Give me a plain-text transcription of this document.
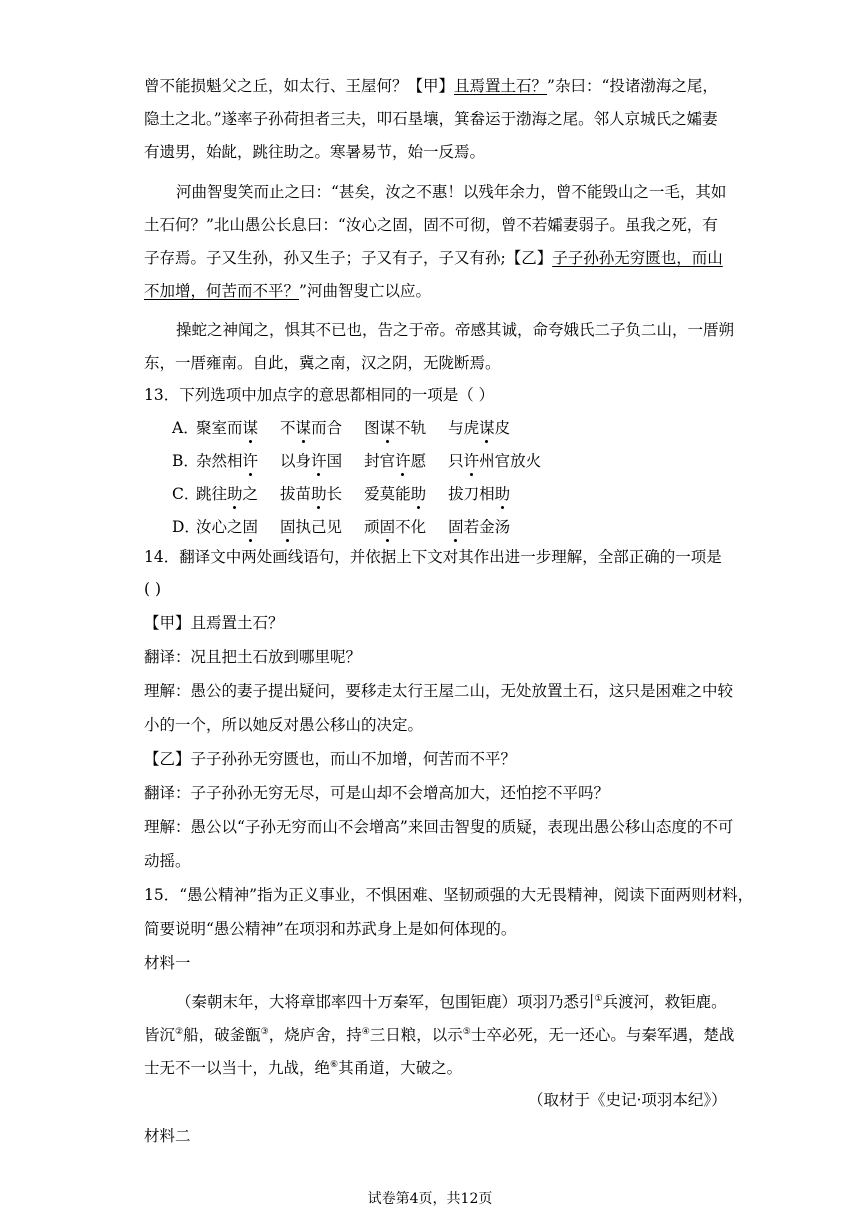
曾不能损魁父之丘，如太行、王屋何？【甲】且焉置土石？”杂曰：“投诸渤海之尾，
隐土之北。”遂率子孙荷担者三夫，叩石垦壤，箕畚运于渤海之尾。邻人京城氏之孀妻
有遗男，始龀，跳往助之。寒暑易节，始一反焉。
河曲智叟笑而止之曰：“甚矣，汝之不惠！以残年余力，曾不能毁山之一毛，其如
土石何？”北山愚公长息曰：“汝心之固，固不可彻，曾不若孀妻弱子。虽我之死，有
子存焉。子又生孙，孙又生子；子又有子，子又有孙;【乙】子子孙孙无穷匮也，而山
不加增，何苦而不平？”河曲智叟亡以应。
操蛇之神闻之，惧其不已也，告之于帝。帝感其诚，命夸娥氏二子负二山，一厝朔
东，一厝雍南。自此，冀之南，汉之阴，无陇断焉。
13．下列选项中加点字的意思都相同的一项是（ ）
A．聚室而谋 不谋而合 图谋不轨 与虎谋皮
B．杂然相许 以身许国 封官许愿 只许州官放火
C．跳往助之 拔苗助长 爱莫能助 拔刀相助
D．汝心之固 固执己见 顽固不化 固若金汤
14．翻译文中两处画线语句，并依据上下文对其作出进一步理解，全部正确的一项是
( )
【甲】且焉置土石？
翻译：况且把土石放到哪里呢？
理解：愚公的妻子提出疑问，要移走太行王屋二山，无处放置土石，这只是困难之中较
小的一个，所以她反对愚公移山的决定。
【乙】子子孙孙无穷匮也，而山不加增，何苦而不平？
翻译：子子孙孙无穷无尽，可是山却不会增高加大，还怕挖不平吗？
理解：愚公以“子孙无穷而山不会增高”来回击智叟的质疑，表现出愚公移山态度的不可
动摇。
15．“愚公精神”指为正义事业，不惧困难、坚韧顽强的大无畏精神，阅读下面两则材料，
简要说明“愚公精神”在项羽和苏武身上是如何体现的。
材料一
（秦朝末年，大将章邯率四十万秦军，包围钜鹿）项羽乃悉引①兵渡河，救钜鹿。
皆沉②船，破釜甑③，烧庐舍，持④三日粮，以示⑤士卒必死，无一还心。与秦军遇，楚战
士无不一以当十，九战，绝⑥其甬道，大破之。
（取材于《史记·项羽本纪》）
材料二
试卷第4页，共12页
